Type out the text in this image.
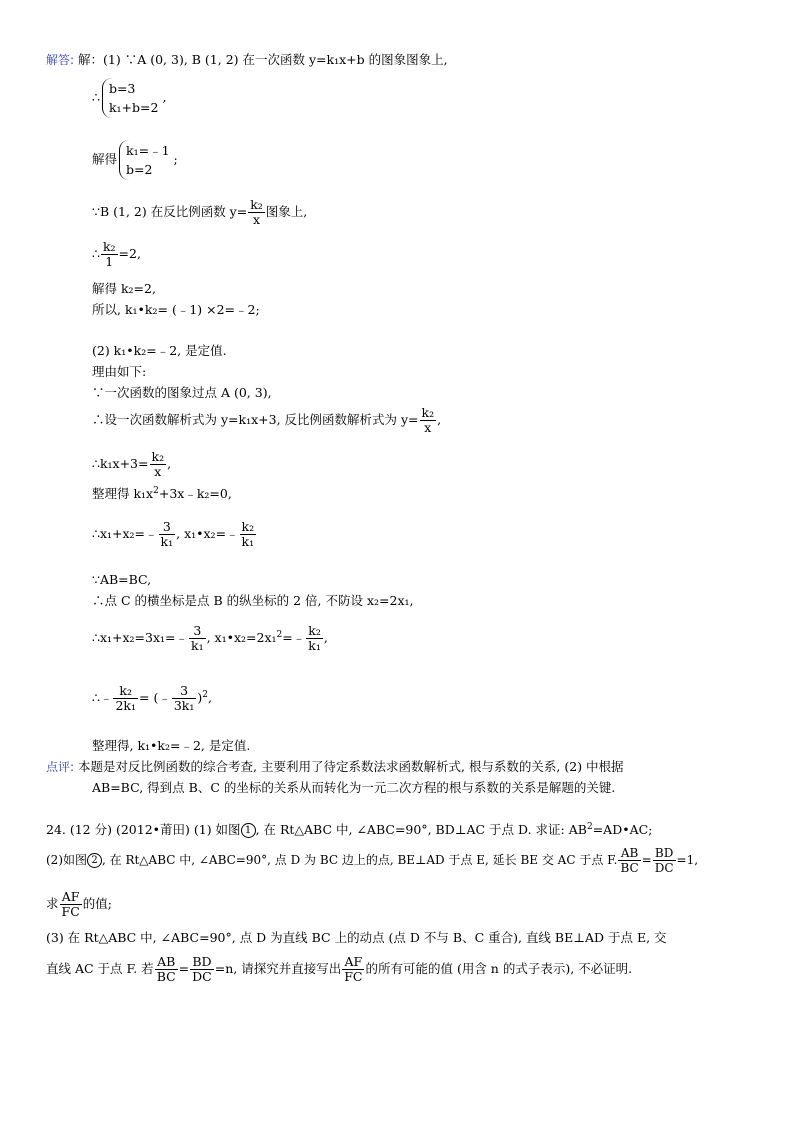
解答: 解：(1) ∵A (0, 3), B (1, 2) 在一次函数 y=k₁x+b 的图象图象上,
∴
b=3
k₁+b=2
,
解得
k₁=﹣1
b=2
;
∵B (1, 2) 在反比例函数 $y= \frac{\text{k₂}}{x}$ 图象上,
∴ $\frac{\text{k₂}}{1} =2$,
解得 k₂=2,
所以, k₁•k₂= (﹣1) ×2=﹣2;
(2) k₁•k₂=﹣2, 是定值.
理由如下:
∵一次函数的图象过点 A (0, 3),
∴设一次函数解析式为 y=k₁x+3, 反比例函数解析式为 $y= \frac{\text{k₂}}{x}$ ,
∴k₁x+3= $\frac{\text{k₂}}{x}$ ,
整理得 $k_1x^2+3x﹣k_2=0$,
∴x₁+x₂=﹣ $\frac{3}{\text{k₁}}$ , x₁•x₂=﹣ $\frac{\text{k₂}}{\text{k₁}}$
∵AB=BC,
∴点 C 的横坐标是点 B 的纵坐标的 2 倍, 不防设 x₂=2x₁,
∴x₁+x₂=3x₁=﹣ $\frac{3}{\text{k₁}}$ , x₁•x₂=2x₁$^2$=﹣ $\frac{\text{k₂}}{\text{k₁}}$ ,
∴﹣ $\frac{\text{k₂}}{\text{2k₁}}$ = (﹣ $\frac{3}{\text{3k₁}} )^2$,
整理得, k₁•k₂=﹣2, 是定值.
点评: 本题是对反比例函数的综合考查, 主要利用了待定系数法求函数解析式, 根与系数的关系, (2) 中根据
AB=BC, 得到点 B、C 的坐标的关系从而转化为一元二次方程的根与系数的关系是解题的关键.
24. (12 分) (2012•莆田) (1) 如图 1 , 在 Rt△ABC 中, ∠ABC=90°, BD⊥AC 于点 D. 求证: $AB^2=AD•AC$;
(2)如图 2 , 在 Rt△ABC 中, ∠ABC=90°, 点 D 为 BC 边上的点, BE⊥AD 于点 E, 延长 BE 交 AC 于点 F. $\frac{AB}{BC} = \frac{BD}{DC} =1$,
求 $\frac{AF}{FC}$ 的值;
(3) 在 Rt△ABC 中, ∠ABC=90°, 点 D 为直线 BC 上的动点 (点 D 不与 B、C 重合), 直线 BE⊥AD 于点 E, 交
直线 AC 于点 F. 若 $\frac{AB}{BC} = \frac{BD}{DC} =n$, 请探究并直接写出 $\frac{AF}{FC}$ 的所有可能的值 (用含 n 的式子表示), 不必证明.
